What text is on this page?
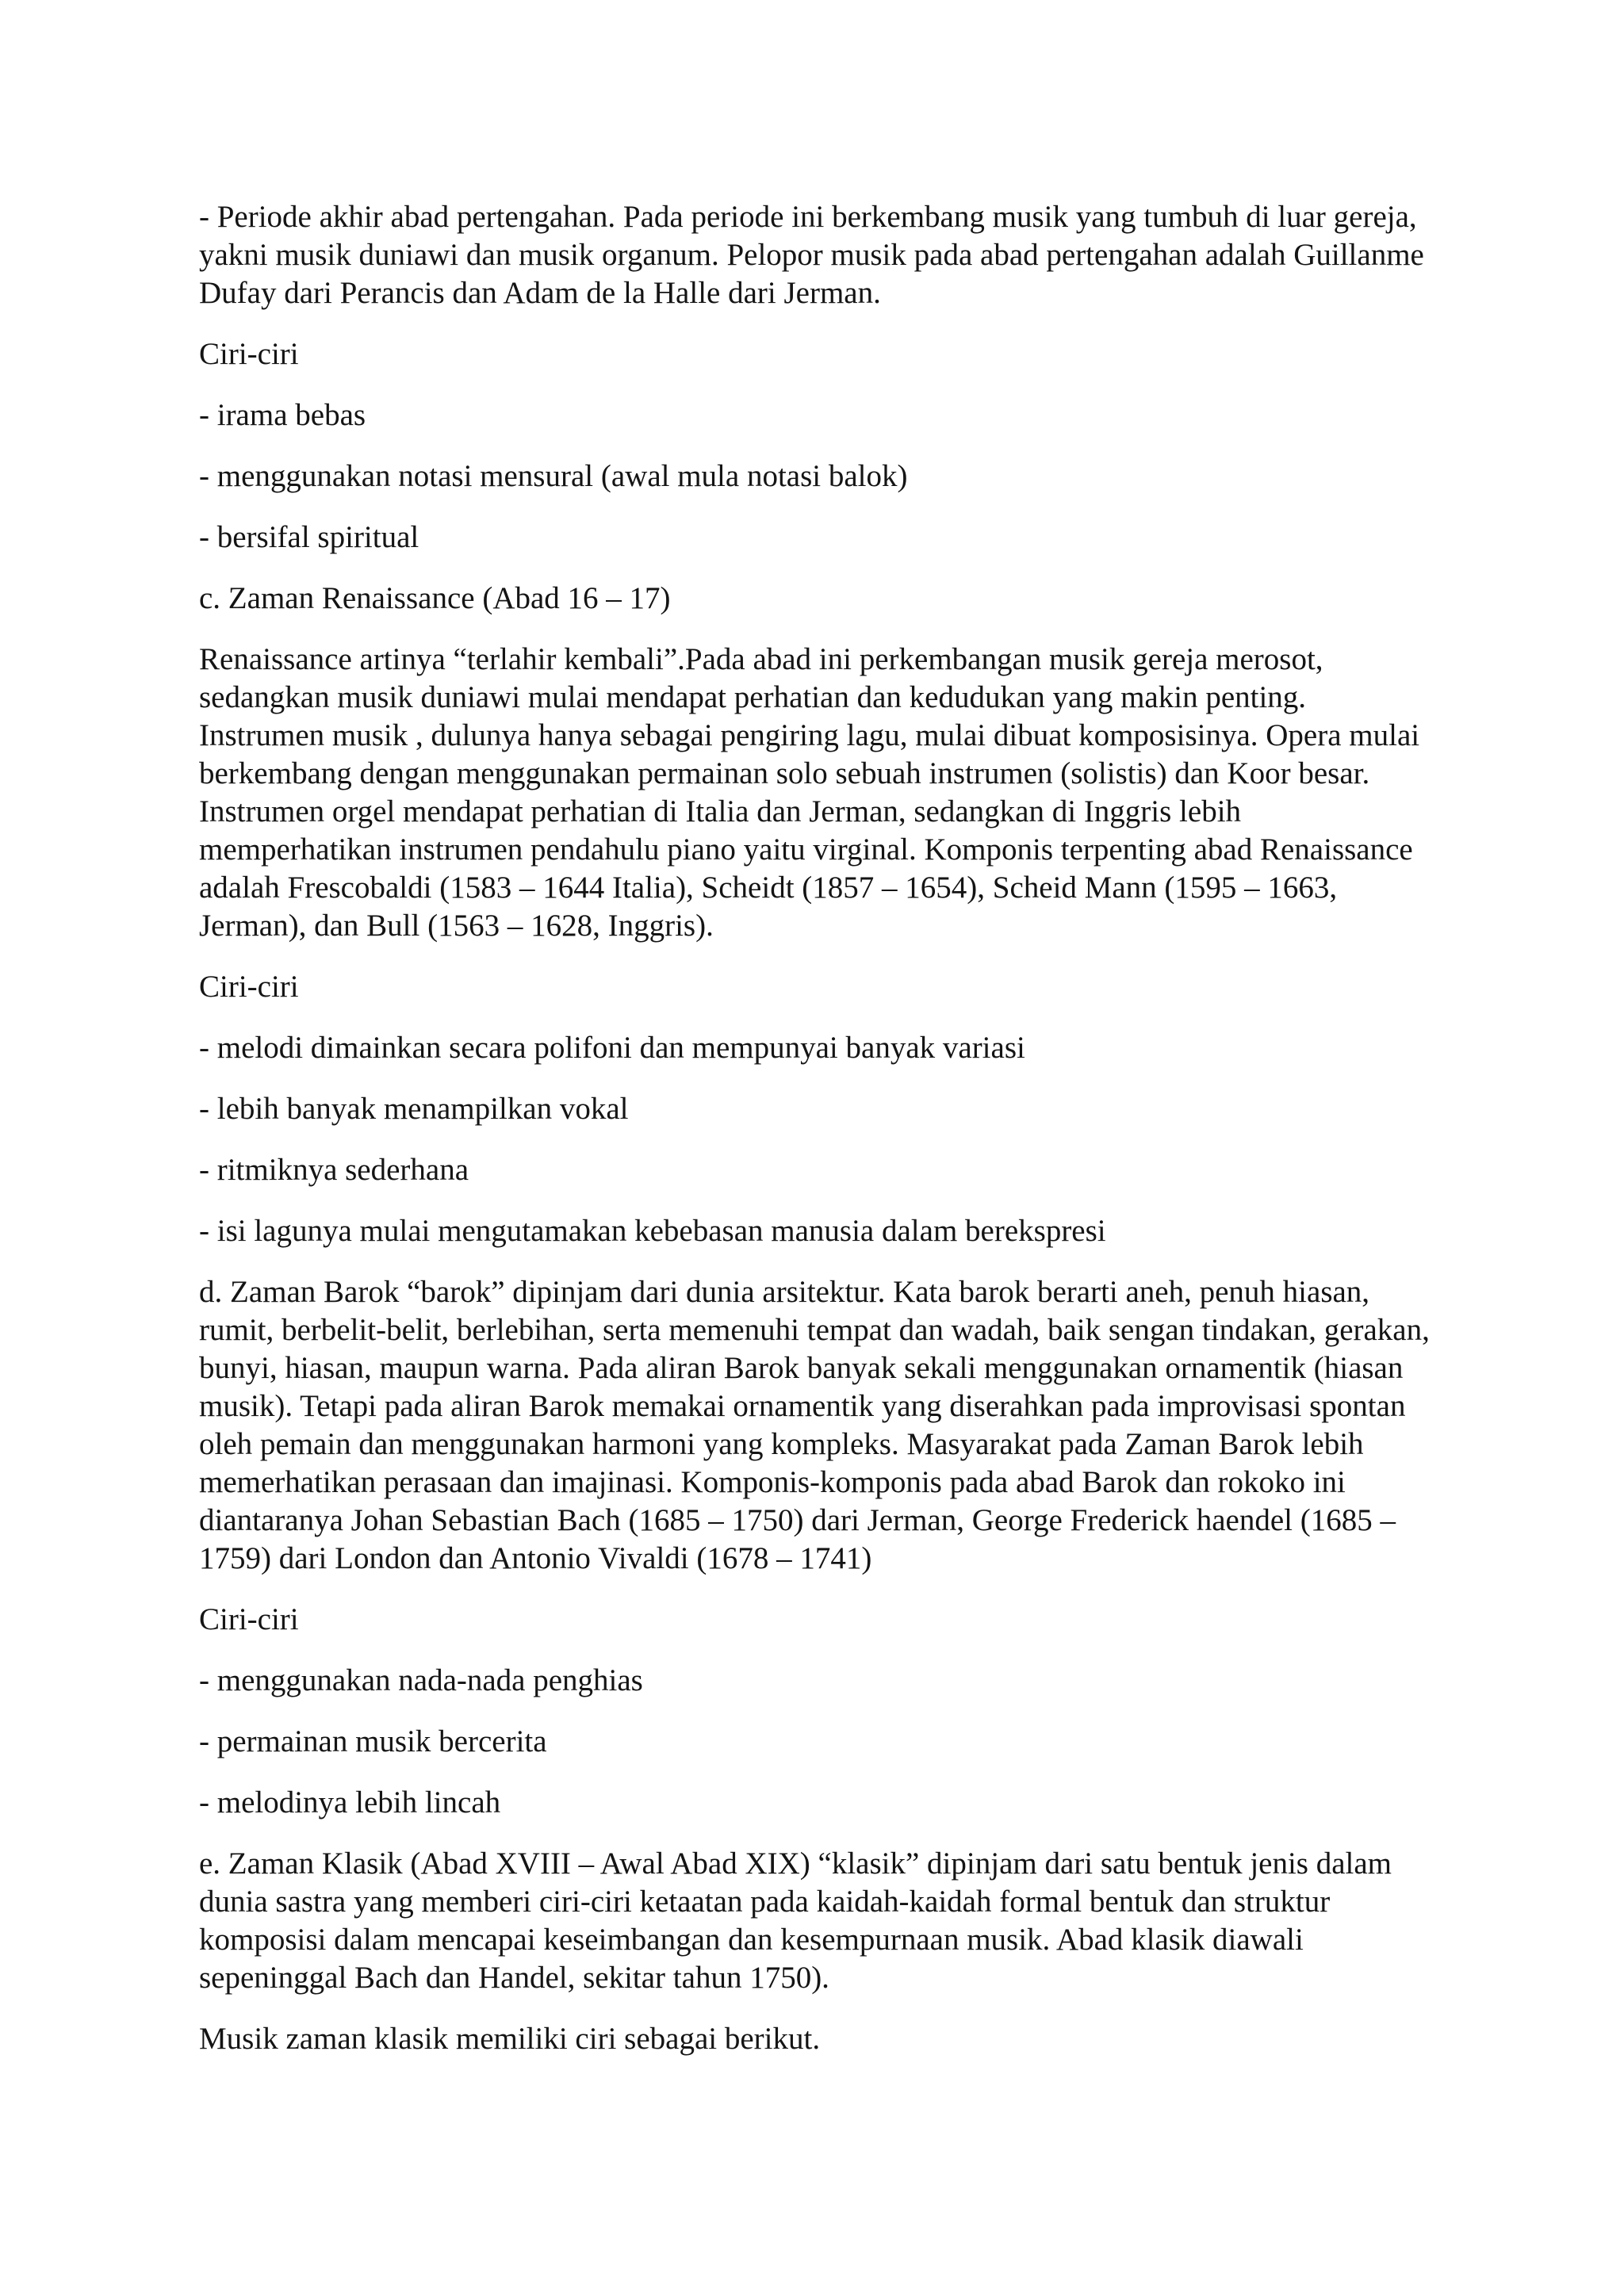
- Periode akhir abad pertengahan. Pada periode ini berkembang musik yang tumbuh di luar gereja, yakni musik duniawi dan musik organum. Pelopor musik pada abad pertengahan adalah Guillanme Dufay dari Perancis dan Adam de la Halle dari Jerman.

Ciri-ciri

- irama bebas

- menggunakan notasi mensural (awal mula notasi balok)

- bersifal spiritual

c. Zaman Renaissance (Abad 16 – 17)

Renaissance artinya “terlahir kembali”.Pada abad ini perkembangan musik gereja merosot, sedangkan musik duniawi mulai mendapat perhatian dan kedudukan yang makin penting. Instrumen musik , dulunya hanya sebagai pengiring lagu, mulai dibuat komposisinya. Opera mulai berkembang dengan menggunakan permainan solo sebuah instrumen (solistis) dan Koor besar. Instrumen orgel mendapat perhatian di Italia dan Jerman, sedangkan di Inggris lebih memperhatikan instrumen pendahulu piano yaitu virginal. Komponis terpenting abad Renaissance adalah Frescobaldi (1583 – 1644 Italia), Scheidt (1857 – 1654), Scheid Mann (1595 – 1663, Jerman), dan Bull (1563 – 1628, Inggris).

Ciri-ciri

- melodi dimainkan secara polifoni dan mempunyai banyak variasi

- lebih banyak menampilkan vokal

- ritmiknya sederhana

- isi lagunya mulai mengutamakan kebebasan manusia dalam berekspresi

d. Zaman Barok “barok” dipinjam dari dunia arsitektur. Kata barok berarti aneh, penuh hiasan, rumit, berbelit-belit, berlebihan, serta memenuhi tempat dan wadah, baik sengan tindakan, gerakan, bunyi, hiasan, maupun warna. Pada aliran Barok banyak sekali menggunakan ornamentik (hiasan musik). Tetapi pada aliran Barok memakai ornamentik yang diserahkan pada improvisasi spontan oleh pemain dan menggunakan harmoni yang kompleks. Masyarakat pada Zaman Barok lebih memerhatikan perasaan dan imajinasi. Komponis-komponis pada abad Barok dan rokoko ini diantaranya Johan Sebastian Bach (1685 – 1750) dari Jerman, George Frederick haendel (1685 – 1759) dari London dan Antonio Vivaldi (1678 – 1741)

Ciri-ciri

- menggunakan nada-nada penghias

- permainan musik bercerita

- melodinya lebih lincah

e. Zaman Klasik (Abad XVIII – Awal Abad XIX) “klasik” dipinjam dari satu bentuk jenis dalam dunia sastra yang memberi ciri-ciri ketaatan pada kaidah-kaidah formal bentuk dan struktur komposisi dalam mencapai keseimbangan dan kesempurnaan musik. Abad klasik diawali sepeninggal Bach dan Handel, sekitar tahun 1750).

Musik zaman klasik memiliki ciri sebagai berikut.
